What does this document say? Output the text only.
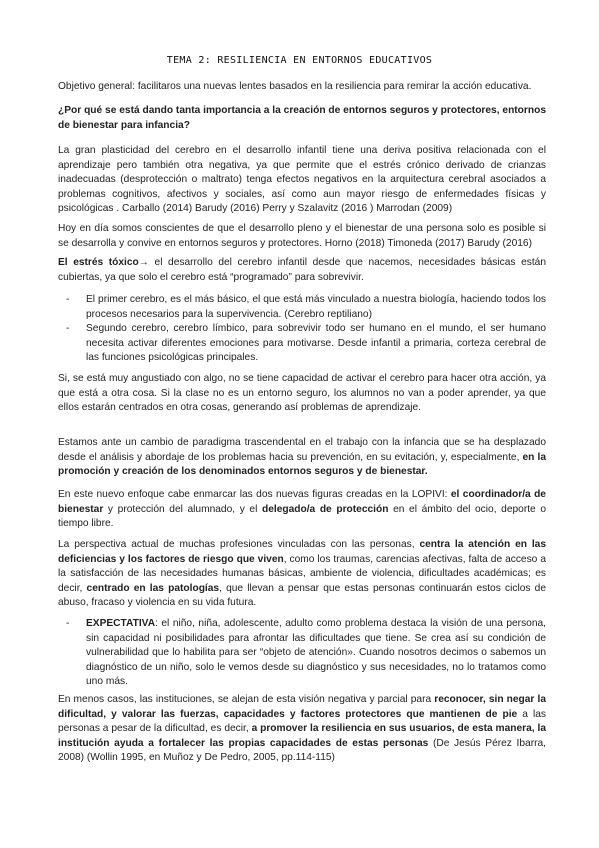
TEMA 2: RESILIENCIA EN ENTORNOS EDUCATIVOS

Objetivo general: facilitaros una nuevas lentes basados en la resiliencia para remirar la acción educativa.

¿Por qué se está dando tanta importancia a la creación de entornos seguros y protectores, entornos de bienestar para infancia?

La gran plasticidad del cerebro en el desarrollo infantil tiene una deriva positiva relacionada con el aprendizaje pero también otra negativa, ya que permite que el estrés crónico derivado de crianzas inadecuadas (desprotección o maltrato) tenga efectos negativos en la arquitectura cerebral asociados a problemas cognitivos, afectivos y sociales, así como aun mayor riesgo de enfermedades físicas y psicológicas . Carballo (2014) Barudy (2016) Perry y Szalavitz (2016 ) Marrodan (2009)

Hoy en día somos conscientes de que el desarrollo pleno y el bienestar de una persona solo es posible si se desarrolla y convive en entornos seguros y protectores. Horno (2018) Timoneda (2017) Barudy (2016)

El estrés tóxico→ el desarrollo del cerebro infantil desde que nacemos, necesidades básicas están cubiertas, ya que solo el cerebro está “programado” para sobrevivir.

- El primer cerebro, es el más básico, el que está más vinculado a nuestra biología, haciendo todos los procesos necesarios para la supervivencia. (Cerebro reptiliano)
- Segundo cerebro, cerebro límbico, para sobrevivir todo ser humano en el mundo, el ser humano necesita activar diferentes emociones para motivarse. Desde infantil a primaria, corteza cerebral de las funciones psicológicas principales.

Si, se está muy angustiado con algo, no se tiene capacidad de activar el cerebro para hacer otra acción, ya que está a otra cosa. Si la clase no es un entorno seguro, los alumnos no van a poder aprender, ya que ellos estarán centrados en otra cosas, generando así problemas de aprendizaje.

Estamos ante un cambio de paradigma trascendental en el trabajo con la infancia que se ha desplazado desde el análisis y abordaje de los problemas hacia su prevención, en su evitación, y, especialmente, en la promoción y creación de los denominados entornos seguros y de bienestar.

En este nuevo enfoque cabe enmarcar las dos nuevas figuras creadas en la LOPIVI: el coordinador/a de bienestar y protección del alumnado, y el delegado/a de protección en el ámbito del ocio, deporte o tiempo libre.

La perspectiva actual de muchas profesiones vinculadas con las personas, centra la atención en las deficiencias y los factores de riesgo que viven, como los traumas, carencias afectivas, falta de acceso a la satisfacción de las necesidades humanas básicas, ambiente de violencia, dificultades académicas; es decir, centrado en las patologías, que llevan a pensar que estas personas continuarán estos ciclos de abuso, fracaso y violencia en su vida futura.

- EXPECTATIVA: el niño, niña, adolescente, adulto como problema destaca la visión de una persona, sin capacidad ni posibilidades para afrontar las dificultades que tiene. Se crea así su condición de vulnerabilidad que lo habilita para ser “objeto de atención». Cuando nosotros decimos o sabemos un diagnóstico de un niño, solo le vemos desde su diagnóstico y sus necesidades, no lo tratamos como uno más.

En menos casos, las instituciones, se alejan de esta visión negativa y parcial para reconocer, sin negar la dificultad, y valorar las fuerzas, capacidades y factores protectores que mantienen de pie a las personas a pesar de la dificultad, es decir, a promover la resiliencia en sus usuarios, de esta manera, la institución ayuda a fortalecer las propias capacidades de estas personas (De Jesús Pérez Ibarra, 2008) (Wollin 1995, en Muñoz y De Pedro, 2005, pp.114-115)
